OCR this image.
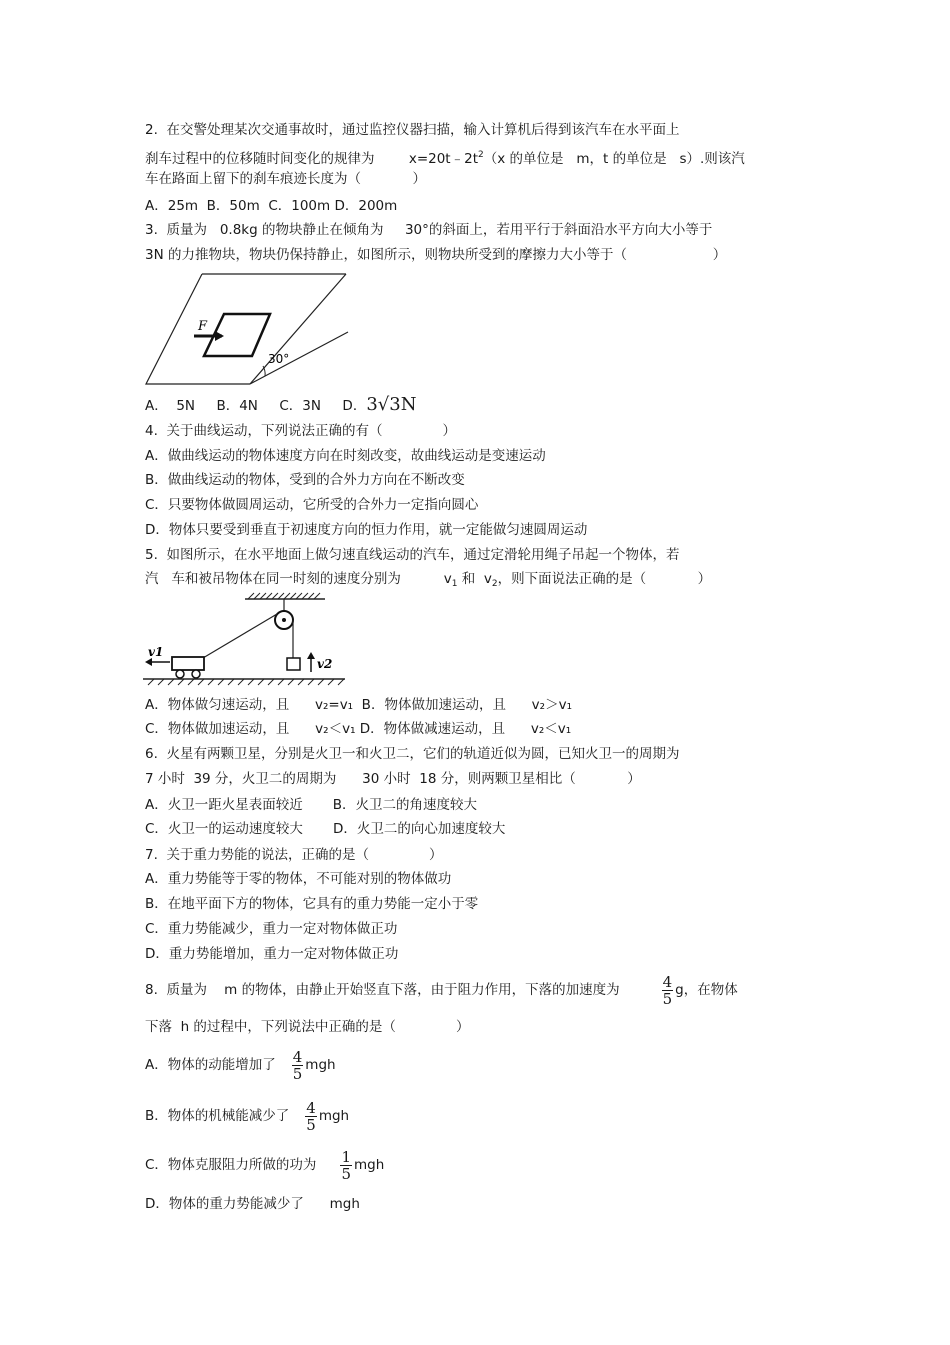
2.  在交警处理某次交通事故时，通过监控仪器扫描，输入计算机后得到该汽车在水平面上
刹车过程中的位移随时间变化的规律为        $x=20t﹣2t^2(x$ 的单位是   m，t 的单位是   s）.则该汽
车在路面上留下的刹车痕迹长度为（            ）
A．25m  B．50m  C．100m D．200m
3.  质量为   0.8kg 的物块静止在倾角为     30°的斜面上，若用平行于斜面沿水平方向大小等于
3N 的力推物块，物块仍保持静止，如图所示，则物块所受到的摩擦力大小等于（                    ）
F
30°
A．  5N     B．4N     C．3N     D．3√3N
4.  关于曲线运动，下列说法正确的有（              ）
A．做曲线运动的物体速度方向在时刻改变，故曲线运动是变速运动
B．做曲线运动的物体，受到的合外力方向在不断改变
C．只要物体做圆周运动，它所受的合外力一定指向圆心
D．物体只要受到垂直于初速度方向的恒力作用，就一定能做匀速圆周运动
5.  如图所示，在水平地面上做匀速直线运动的汽车，通过定滑轮用绳子吊起一个物体，若
汽   车和被吊物体在同一时刻的速度分别为          $v_1$ 和  $v_2$，则下面说法正确的是（            ）
v2
v1
A．物体做匀速运动，且      v₂=v₁  B．物体做加速运动，且      v₂＞v₁
C．物体做加速运动，且      v₂＜v₁ D．物体做减速运动，且      v₂＜v₁
6.  火星有两颗卫星，分别是火卫一和火卫二，它们的轨道近似为圆，已知火卫一的周期为
7 小时  39 分，火卫二的周期为      30 小时  18 分，则两颗卫星相比（            ）
A．火卫一距火星表面较近       B．火卫二的角速度较大
C．火卫一的运动速度较大       D．火卫二的向心加速度较大
7.  关于重力势能的说法，正确的是（              ）
A．重力势能等于零的物体，不可能对别的物体做功
B．在地平面下方的物体，它具有的重力势能一定小于零
C．重力势能减少，重力一定对物体做正功
D．重力势能增加，重力一定对物体做正功
8.  质量为    m 的物体，由静止开始竖直下落，由于阻力作用，下落的加速度为	$\frac{4}{5}$ g，在物体
下落  h 的过程中，下列说法中正确的是（              ）
A．物体的动能增加了 $\frac{4}{5}$ mgh
B．物体的机械能减少了 $\frac{4}{5}$ mgh
C．物体克服阻力所做的功为 $\frac{1}{5}$ mgh
D．物体的重力势能减少了      mgh
